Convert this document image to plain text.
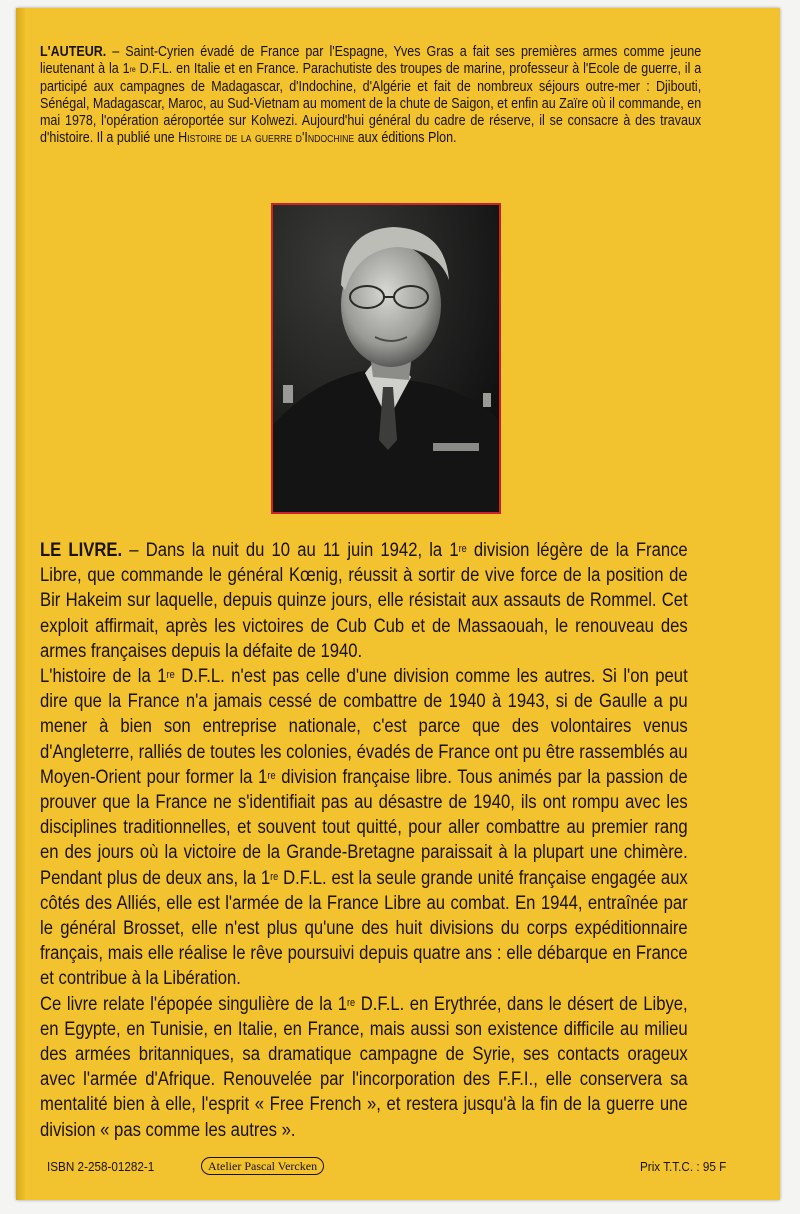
L'AUTEUR. – Saint-Cyrien évadé de France par l'Espagne, Yves Gras a fait ses premières armes comme jeune lieutenant à la 1re D.F.L. en Italie et en France. Parachutiste des troupes de marine, professeur à l'Ecole de guerre, il a participé aux campagnes de Madagascar, d'Indochine, d'Algérie et fait de nombreux séjours outre-mer : Djibouti, Sénégal, Madagascar, Maroc, au Sud-Vietnam au moment de la chute de Saigon, et enfin au Zaïre où il commande, en mai 1978, l'opération aéroportée sur Kolwezi. Aujourd'hui général du cadre de réserve, il se consacre à des travaux d'histoire. Il a publié une Histoire de la guerre d'Indochine aux éditions Plon.

LE LIVRE. – Dans la nuit du 10 au 11 juin 1942, la 1re division légère de la France Libre, que commande le général Kœnig, réussit à sortir de vive force de la position de Bir Hakeim sur laquelle, depuis quinze jours, elle résistait aux assauts de Rommel. Cet exploit affirmait, après les victoires de Cub Cub et de Massaouah, le renouveau des armes françaises depuis la défaite de 1940.

L'histoire de la 1re D.F.L. n'est pas celle d'une division comme les autres. Si l'on peut dire que la France n'a jamais cessé de combattre de 1940 à 1943, si de Gaulle a pu mener à bien son entreprise nationale, c'est parce que des volontaires venus d'Angleterre, ralliés de toutes les colonies, évadés de France ont pu être rassemblés au Moyen-Orient pour former la 1re division française libre. Tous animés par la passion de prouver que la France ne s'identifiait pas au désastre de 1940, ils ont rompu avec les disciplines traditionnelles, et souvent tout quitté, pour aller combattre au premier rang en des jours où la victoire de la Grande-Bretagne paraissait à la plupart une chimère. Pendant plus de deux ans, la 1re D.F.L. est la seule grande unité française engagée aux côtés des Alliés, elle est l'armée de la France Libre au combat. En 1944, entraînée par le général Brosset, elle n'est plus qu'une des huit divisions du corps expéditionnaire français, mais elle réalise le rêve poursuivi depuis quatre ans : elle débarque en France et contribue à la Libération.

Ce livre relate l'épopée singulière de la 1re D.F.L. en Erythrée, dans le désert de Libye, en Egypte, en Tunisie, en Italie, en France, mais aussi son existence difficile au milieu des armées britanniques, sa dramatique campagne de Syrie, ses contacts orageux avec l'armée d'Afrique. Renouvelée par l'incorporation des F.F.I., elle conservera sa mentalité bien à elle, l'esprit « Free French », et restera jusqu'à la fin de la guerre une division « pas comme les autres ».

ISBN 2-258-01282-1	Atelier Pascal Vercken	Prix T.T.C. : 95 F
